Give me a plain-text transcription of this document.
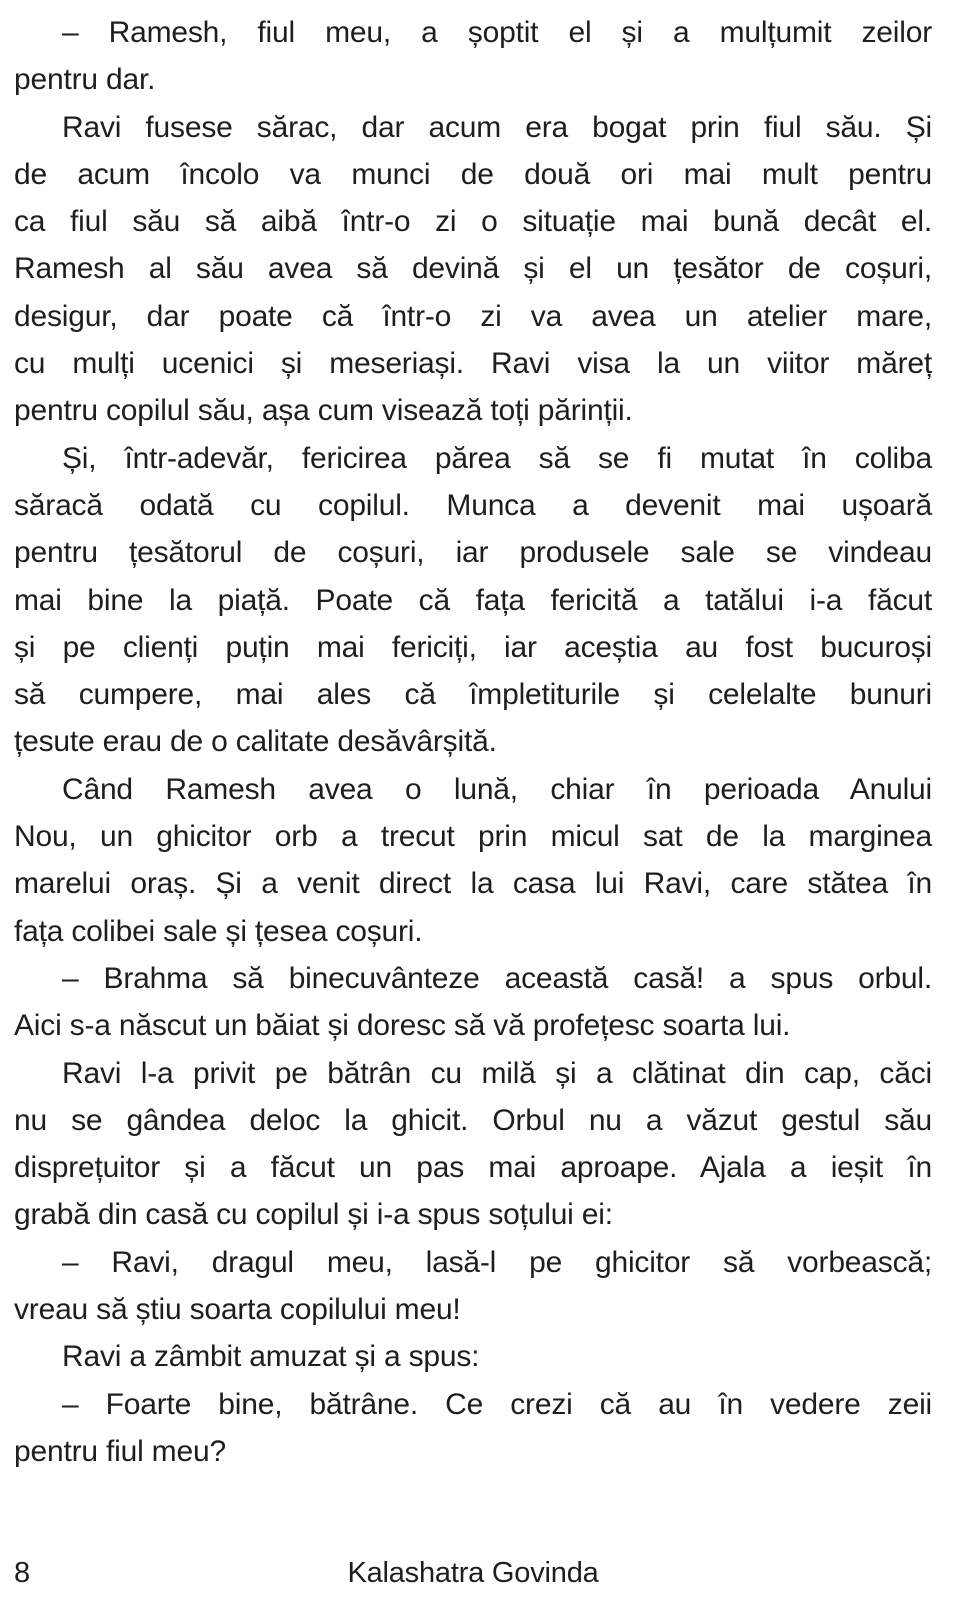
– Ramesh, fiul meu, a șoptit el și a mulțumit zeilor
pentru dar.
Ravi fusese sărac, dar acum era bogat prin fiul său. Și
de acum încolo va munci de două ori mai mult pentru
ca fiul său să aibă într-o zi o situație mai bună decât el.
Ramesh al său avea să devină și el un țesător de coșuri,
desigur, dar poate că într-o zi va avea un atelier mare,
cu mulți ucenici și meseriași. Ravi visa la un viitor măreț
pentru copilul său, așa cum visează toți părinții.
Și, într-adevăr, fericirea părea să se fi mutat în coliba
săracă odată cu copilul. Munca a devenit mai ușoară
pentru țesătorul de coșuri, iar produsele sale se vindeau
mai bine la piață. Poate că fața fericită a tatălui i-a făcut
și pe clienți puțin mai fericiți, iar aceștia au fost bucuroși
să cumpere, mai ales că împletiturile și celelalte bunuri
țesute erau de o calitate desăvârșită.
Când Ramesh avea o lună, chiar în perioada Anului
Nou, un ghicitor orb a trecut prin micul sat de la marginea
marelui oraș. Și a venit direct la casa lui Ravi, care stătea în
fața colibei sale și țesea coșuri.
– Brahma să binecuvânteze această casă! a spus orbul.
Aici s-a născut un băiat și doresc să vă profețesc soarta lui.
Ravi l-a privit pe bătrân cu milă și a clătinat din cap, căci
nu se gândea deloc la ghicit. Orbul nu a văzut gestul său
disprețuitor și a făcut un pas mai aproape. Ajala a ieșit în
grabă din casă cu copilul și i-a spus soțului ei:
– Ravi, dragul meu, lasă-l pe ghicitor să vorbească;
vreau să știu soarta copilului meu!
Ravi a zâmbit amuzat și a spus:
– Foarte bine, bătrâne. Ce crezi că au în vedere zeii
pentru fiul meu?
8	Kalashatra Govinda
